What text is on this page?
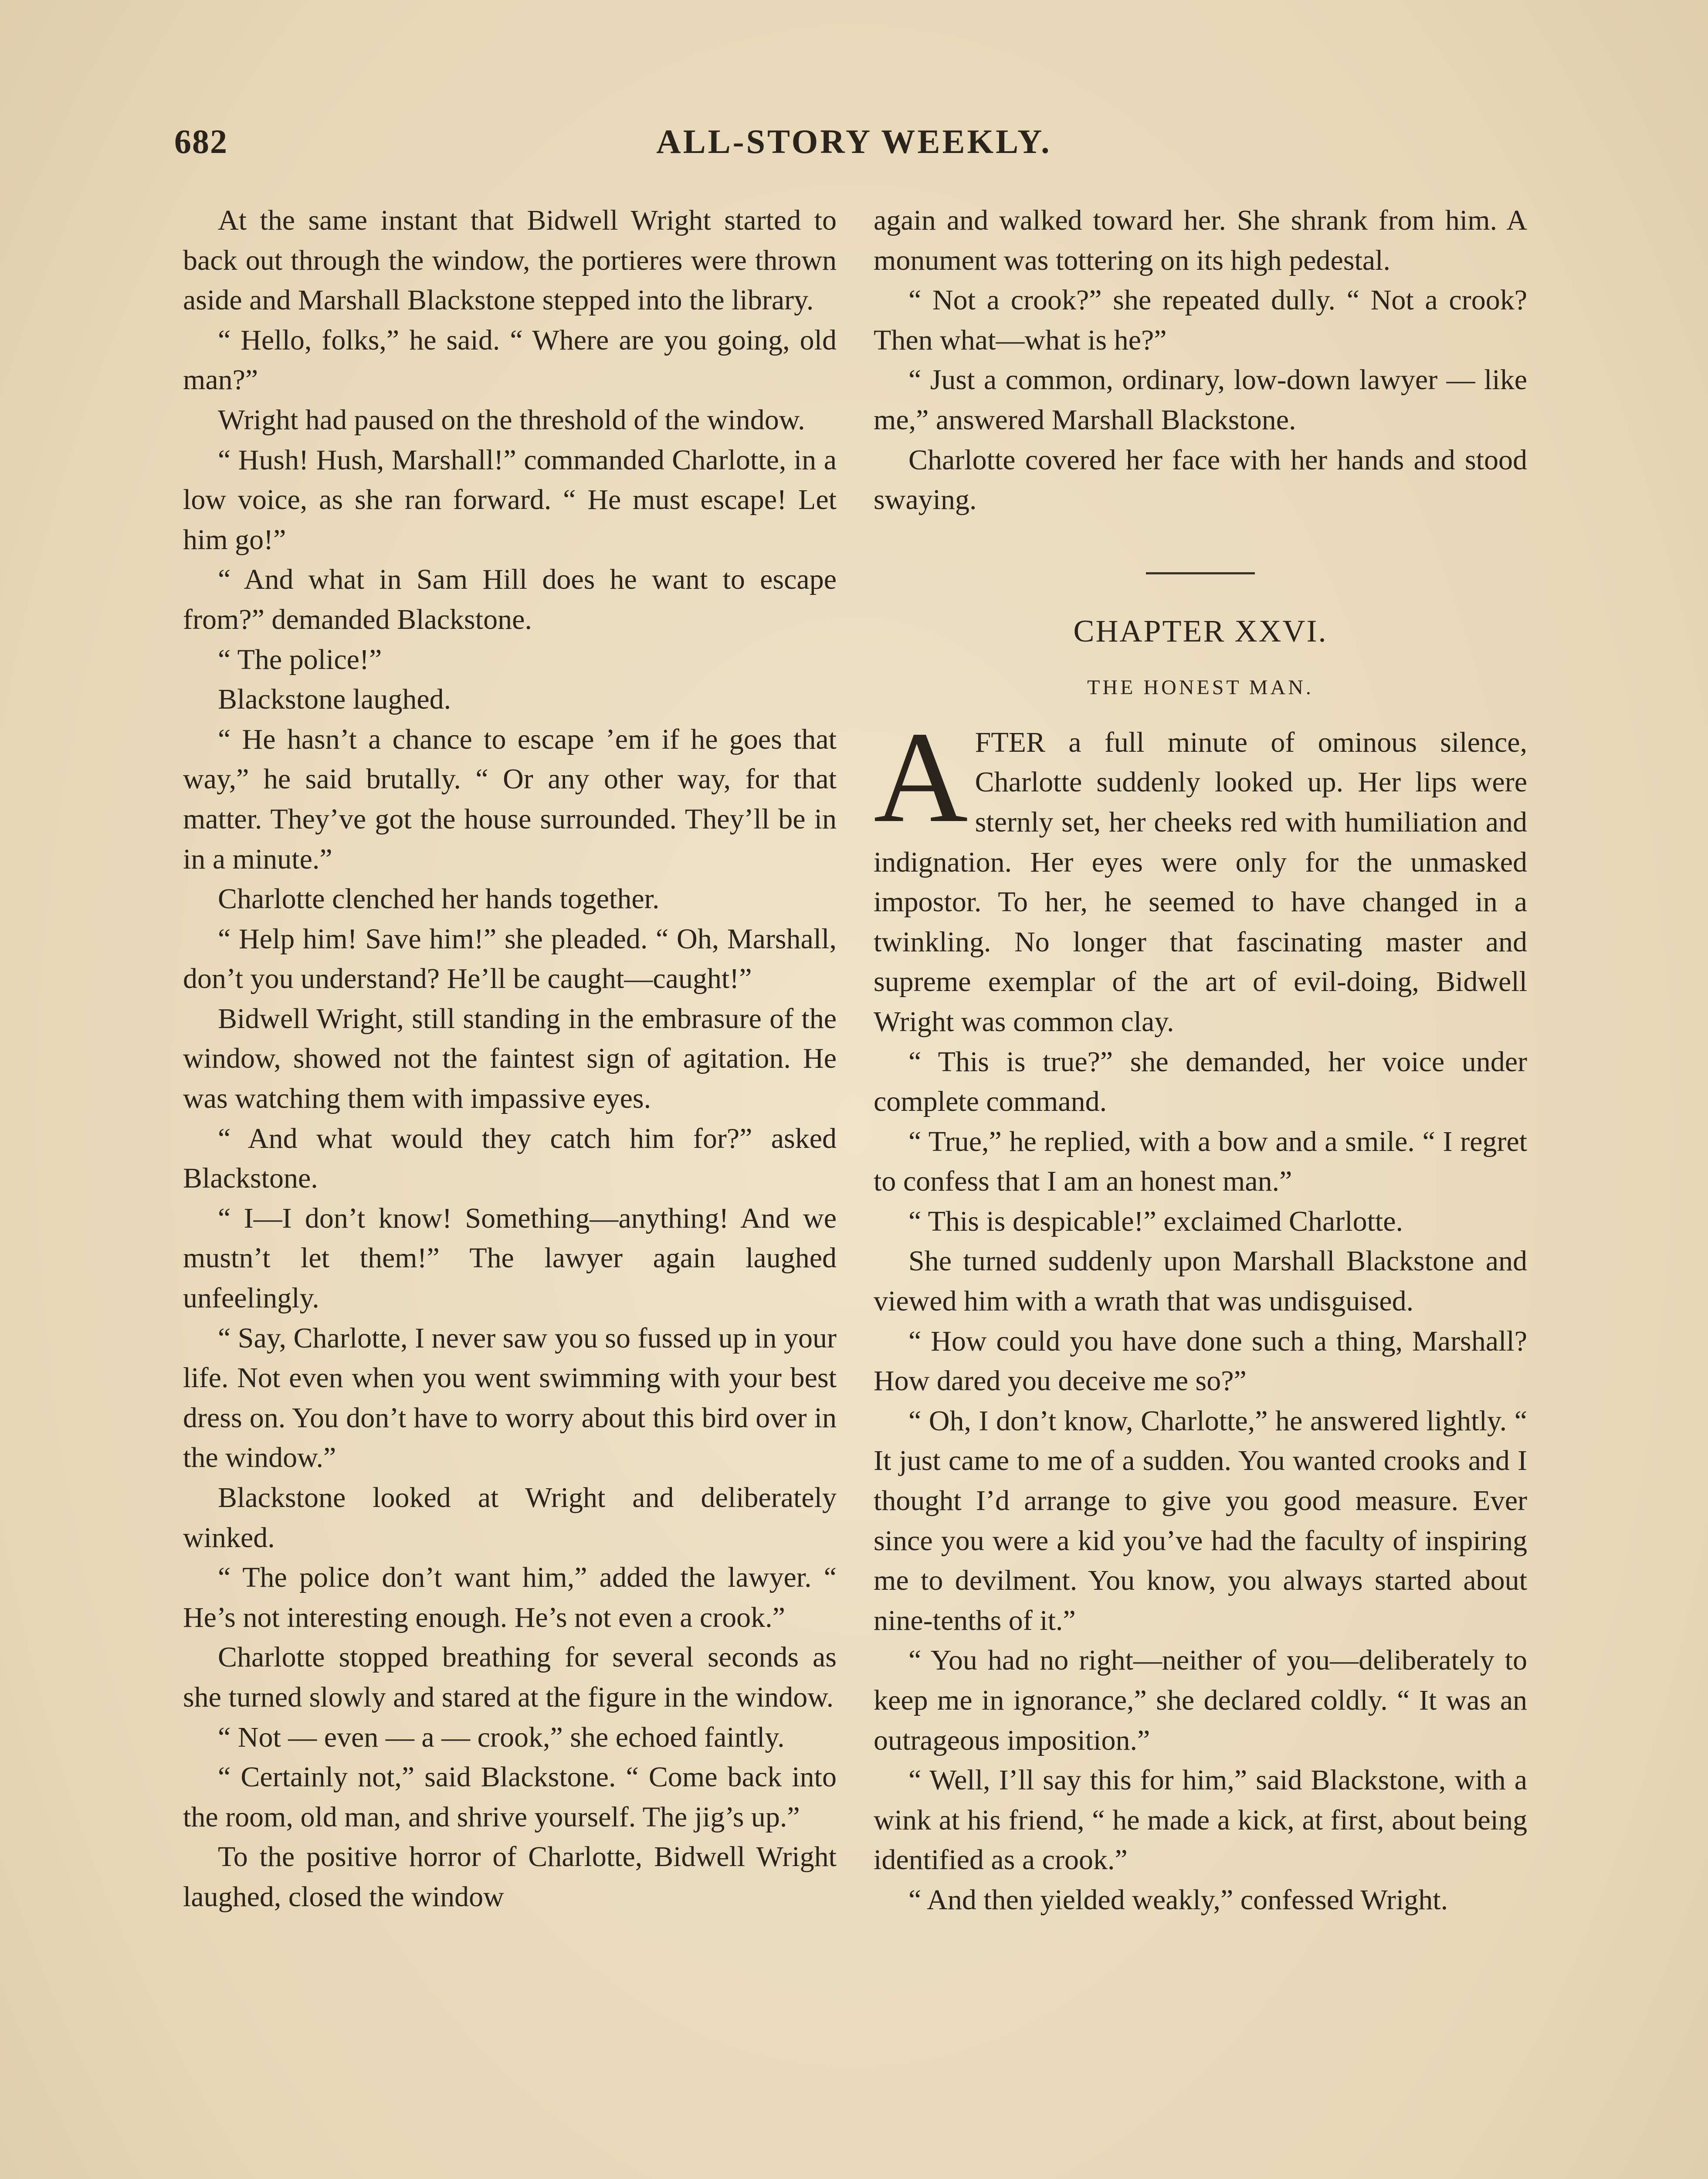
682	ALL-STORY WEEKLY.

At the same instant that Bidwell Wright started to back out through the window, the portieres were thrown aside and Marshall Blackstone stepped into the library.

“ Hello, folks,” he said. “ Where are you going, old man?”

Wright had paused on the threshold of the window.

“ Hush! Hush, Marshall!” commanded Charlotte, in a low voice, as she ran forward. “ He must escape! Let him go!”

“ And what in Sam Hill does he want to escape from?” demanded Blackstone.

“ The police!”

Blackstone laughed.

“ He hasn’t a chance to escape ’em if he goes that way,” he said brutally. “ Or any other way, for that matter. They’ve got the house surrounded. They’ll be in in a minute.”

Charlotte clenched her hands together.

“ Help him! Save him!” she pleaded. “ Oh, Marshall, don’t you understand? He’ll be caught—caught!”

Bidwell Wright, still standing in the embrasure of the window, showed not the faintest sign of agitation. He was watching them with impassive eyes.

“ And what would they catch him for?” asked Blackstone.

“ I—I don’t know! Something—anything! And we mustn’t let them!” The lawyer again laughed unfeelingly.

“ Say, Charlotte, I never saw you so fussed up in your life. Not even when you went swimming with your best dress on. You don’t have to worry about this bird over in the window.”

Blackstone looked at Wright and deliberately winked.

“ The police don’t want him,” added the lawyer. “ He’s not interesting enough. He’s not even a crook.”

Charlotte stopped breathing for several seconds as she turned slowly and stared at the figure in the window.

“ Not — even — a — crook,” she echoed faintly.

“ Certainly not,” said Blackstone. “ Come back into the room, old man, and shrive yourself. The jig’s up.”

To the positive horror of Charlotte, Bidwell Wright laughed, closed the window

again and walked toward her. She shrank from him. A monument was tottering on its high pedestal.

“ Not a crook?” she repeated dully. “ Not a crook? Then what—what is he?”

“ Just a common, ordinary, low-down lawyer — like me,” answered Marshall Blackstone.

Charlotte covered her face with her hands and stood swaying.

CHAPTER XXVI.
THE HONEST MAN.

AFTER a full minute of ominous silence, Charlotte suddenly looked up. Her lips were sternly set, her cheeks red with humiliation and indignation. Her eyes were only for the unmasked impostor. To her, he seemed to have changed in a twinkling. No longer that fascinating master and supreme exemplar of the art of evil-doing, Bidwell Wright was common clay.

“ This is true?” she demanded, her voice under complete command.

“ True,” he replied, with a bow and a smile. “ I regret to confess that I am an honest man.”

“ This is despicable!” exclaimed Charlotte.

She turned suddenly upon Marshall Blackstone and viewed him with a wrath that was undisguised.

“ How could you have done such a thing, Marshall? How dared you deceive me so?”

“ Oh, I don’t know, Charlotte,” he answered lightly. “ It just came to me of a sudden. You wanted crooks and I thought I’d arrange to give you good measure. Ever since you were a kid you’ve had the faculty of inspiring me to devilment. You know, you always started about nine-tenths of it.”

“ You had no right—neither of you—deliberately to keep me in ignorance,” she declared coldly. “ It was an outrageous imposition.”

“ Well, I’ll say this for him,” said Blackstone, with a wink at his friend, “ he made a kick, at first, about being identified as a crook.”

“ And then yielded weakly,” confessed Wright.
